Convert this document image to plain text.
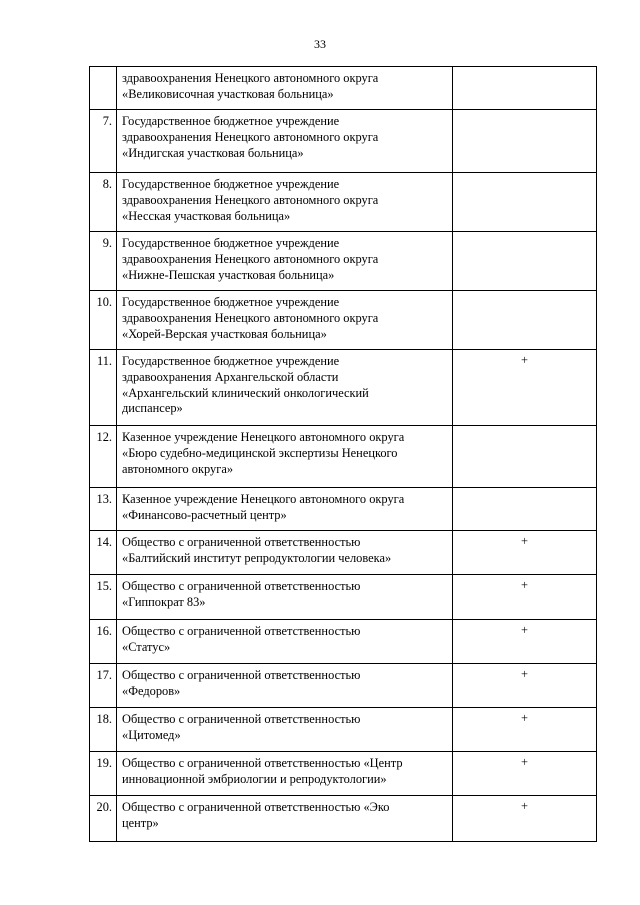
33

	здравоохранения Ненецкого автономного округа
«Великовисочная участковая больница»	

7.	Государственное бюджетное учреждение
здравоохранения Ненецкого автономного округа
«Индигская участковая больница»	

8.	Государственное бюджетное учреждение
здравоохранения Ненецкого автономного округа
«Несская участковая больница»	

9.	Государственное бюджетное учреждение
здравоохранения Ненецкого автономного округа
«Нижне-Пешская участковая больница»	

10.	Государственное бюджетное учреждение
здравоохранения Ненецкого автономного округа
«Хорей-Верская участковая больница»	

11.	Государственное бюджетное учреждение
здравоохранения Архангельской области
«Архангельский клинический онкологический
диспансер»	+
12.	Казенное учреждение Ненецкого автономного округа
«Бюро судебно-медицинской экспертизы Ненецкого
автономного округа»	

13.	Казенное учреждение Ненецкого автономного округа
«Финансово-расчетный центр»	

14.	Общество с ограниченной ответственностью
«Балтийский институт репродуктологии человека»	+
15.	Общество с ограниченной ответственностью
«Гиппократ 83»	+
16.	Общество с ограниченной ответственностью
«Статус»	+
17.	Общество с ограниченной ответственностью
«Федоров»	+
18.	Общество с ограниченной ответственностью
«Цитомед»	+
19.	Общество с ограниченной ответственностью «Центр
инновационной эмбриологии и репродуктологии»	+
20.	Общество с ограниченной ответственностью «Эко
центр»	+
